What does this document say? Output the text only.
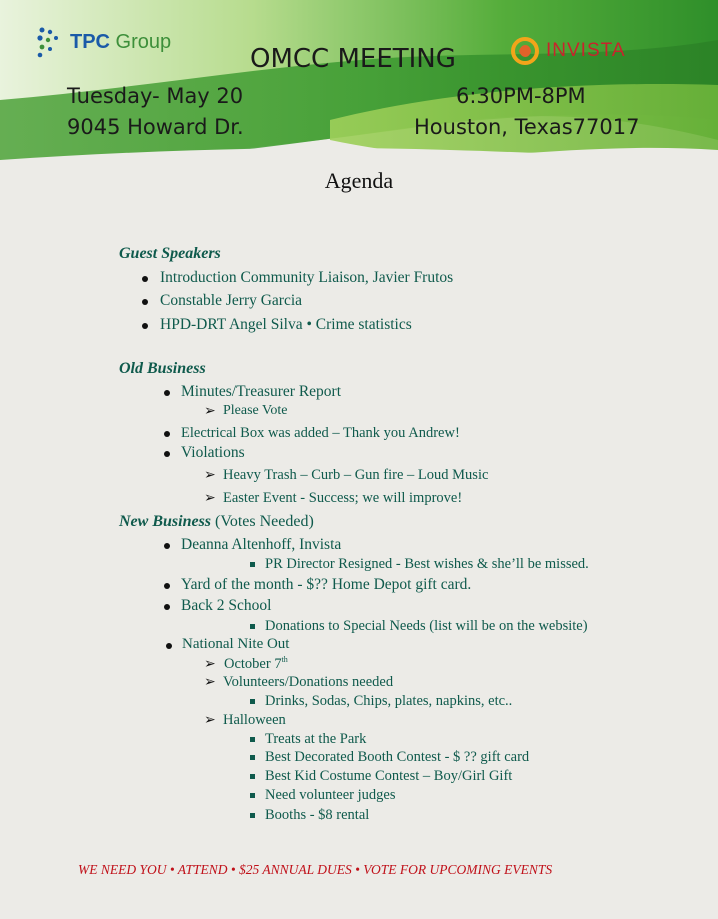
TPC Group	INVISTA
OMCC MEETING
Tuesday- May 20	6:30PM-8PM
9045 Howard Dr.	Houston, Texas77017
Agenda
Guest Speakers
Introduction Community Liaison, Javier Frutos
Constable Jerry Garcia
HPD-DRT Angel Silva • Crime statistics
Old Business
Minutes/Treasurer Report
➢ Please Vote
Electrical Box was added – Thank you Andrew!
Violations
➢ Heavy Trash – Curb – Gun fire – Loud Music
➢ Easter Event - Success; we will improve!
New Business (Votes Needed)
Deanna Altenhoff, Invista
PR Director Resigned - Best wishes & she’ll be missed.
Yard of the month - $?? Home Depot gift card.
Back 2 School
Donations to Special Needs (list will be on the website)
National Nite Out
➢ October 7th
➢ Volunteers/Donations needed
Drinks, Sodas, Chips, plates, napkins, etc..
➢ Halloween
Treats at the Park
Best Decorated Booth Contest - $ ?? gift card
Best Kid Costume Contest – Boy/Girl Gift
Need volunteer judges
Booths - $8 rental
WE NEED YOU • ATTEND • $25 ANNUAL DUES • VOTE FOR UPCOMING EVENTS
